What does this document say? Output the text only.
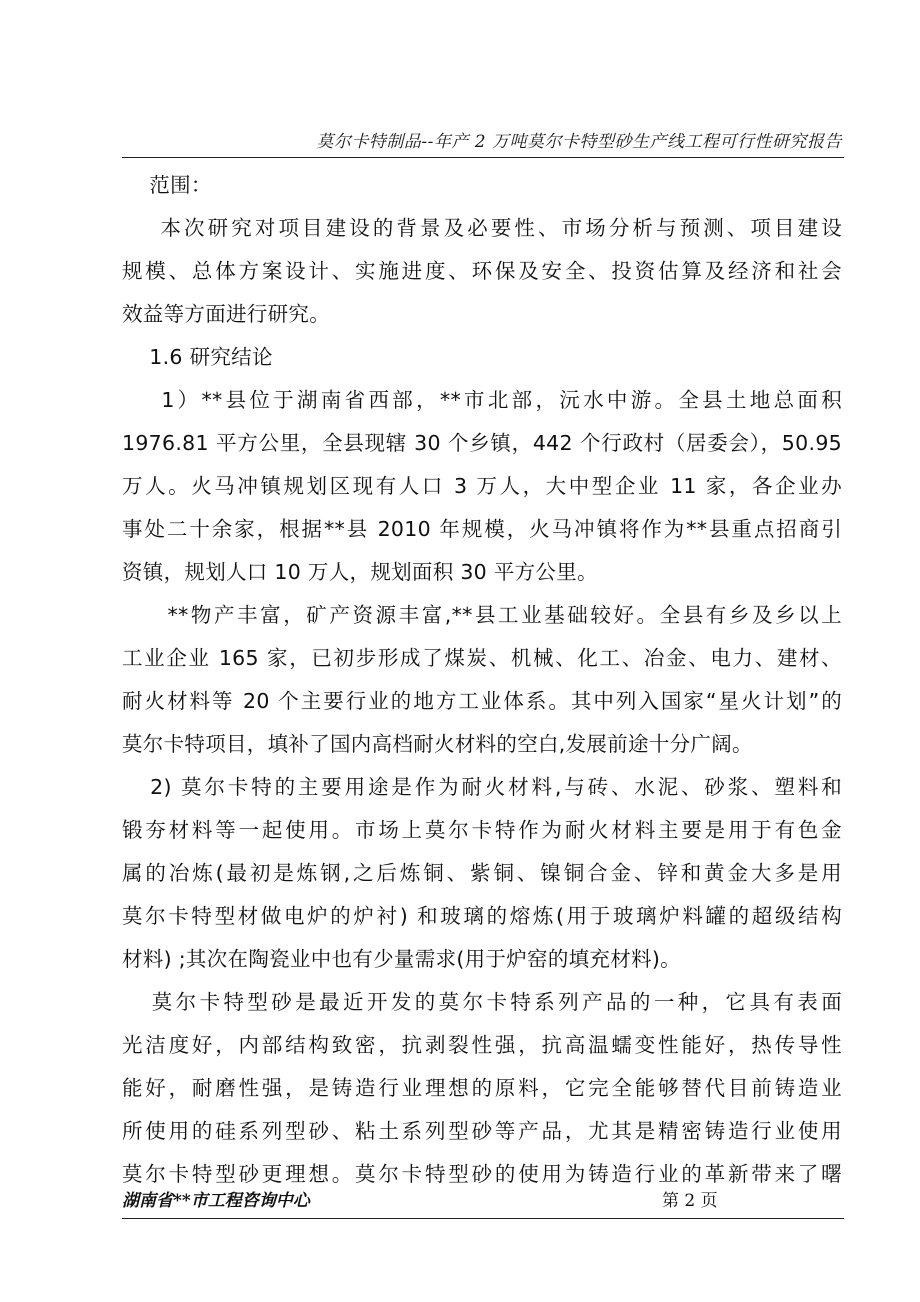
莫尔卡特制品--年产 2 万吨莫尔卡特型砂生产线工程可行性研究报告
范围：
本次研究对项目建设的背景及必要性、市场分析与预测、项目建设
规模、总体方案设计、实施进度、环保及安全、投资估算及经济和社会
效益等方面进行研究。
1.6 研究结论
1）**县位于湖南省西部，**市北部，沅水中游。全县土地总面积
1976.81 平方公里，全县现辖 30 个乡镇，442 个行政村（居委会），50.95
万人。火马冲镇规划区现有人口 3 万人，大中型企业 11 家，各企业办
事处二十余家，根据**县 2010 年规模，火马冲镇将作为**县重点招商引
资镇，规划人口 10 万人，规划面积 30 平方公里。
**物产丰富，矿产资源丰富,**县工业基础较好。全县有乡及乡以上
工业企业 165 家，已初步形成了煤炭、机械、化工、冶金、电力、建材、
耐火材料等 20 个主要行业的地方工业体系。其中列入国家“星火计划”的
莫尔卡特项目，填补了国内高档耐火材料的空白,发展前途十分广阔。
2) 莫尔卡特的主要用途是作为耐火材料,与砖、水泥、砂浆、塑料和
锻夯材料等一起使用。市场上莫尔卡特作为耐火材料主要是用于有色金
属的冶炼(最初是炼钢,之后炼铜、紫铜、镍铜合金、锌和黄金大多是用
莫尔卡特型材做电炉的炉衬) 和玻璃的熔炼(用于玻璃炉料罐的超级结构
材料) ;其次在陶瓷业中也有少量需求(用于炉窑的填充材料)。
莫尔卡特型砂是最近开发的莫尔卡特系列产品的一种，它具有表面
光洁度好，内部结构致密，抗剥裂性强，抗高温蠕变性能好，热传导性
能好，耐磨性强，是铸造行业理想的原料，它完全能够替代目前铸造业
所使用的硅系列型砂、粘土系列型砂等产品，尤其是精密铸造行业使用
莫尔卡特型砂更理想。莫尔卡特型砂的使用为铸造行业的革新带来了曙
湖南省**市工程咨询中心	第 2 页
